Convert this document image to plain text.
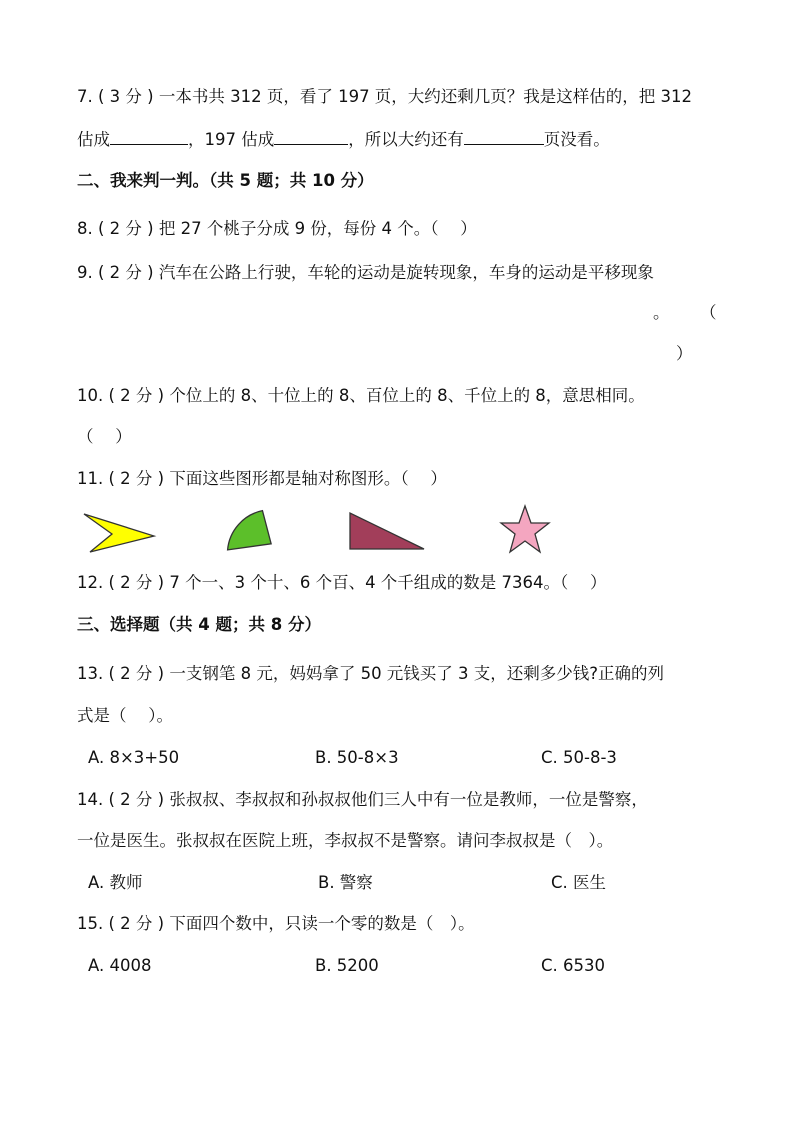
7. ( 3 分 ) 一本书共 312 页，看了 197 页，大约还剩几页？我是这样估的，把 312
估成	，197 估成	，所以大约还有	页没看。
二、我来判一判。（共 5 题；共 10 分）
8. ( 2 分 ) 把 27 个桃子分成 9 份，每份 4 个。（　 ）
9. ( 2 分 ) 汽车在公路上行驶，车轮的运动是旋转现象，车身的运动是平移现象
。 （
）
10. ( 2 分 ) 个位上的 8、十位上的 8、百位上的 8、千位上的 8，意思相同。
（　 ）
11. ( 2 分 ) 下面这些图形都是轴对称图形。（　 ）
12. ( 2 分 ) 7 个一、3 个十、6 个百、4 个千组成的数是 7364。（　 ）
三、选择题（共 4 题；共 8 分）
13. ( 2 分 ) 一支钢笔 8 元，妈妈拿了 50 元钱买了 3 支，还剩多少钱?正确的列
式是（　 ）。
A. 8×3+50	B. 50-8×3	C. 50-8-3
14. ( 2 分 ) 张叔叔、李叔叔和孙叔叔他们三人中有一位是教师，一位是警察，
一位是医生。张叔叔在医院上班，李叔叔不是警察。请问李叔叔是（　）。
A. 教师	B. 警察	C. 医生
15. ( 2 分 ) 下面四个数中，只读一个零的数是（　）。
A. 4008	B. 5200	C. 6530
